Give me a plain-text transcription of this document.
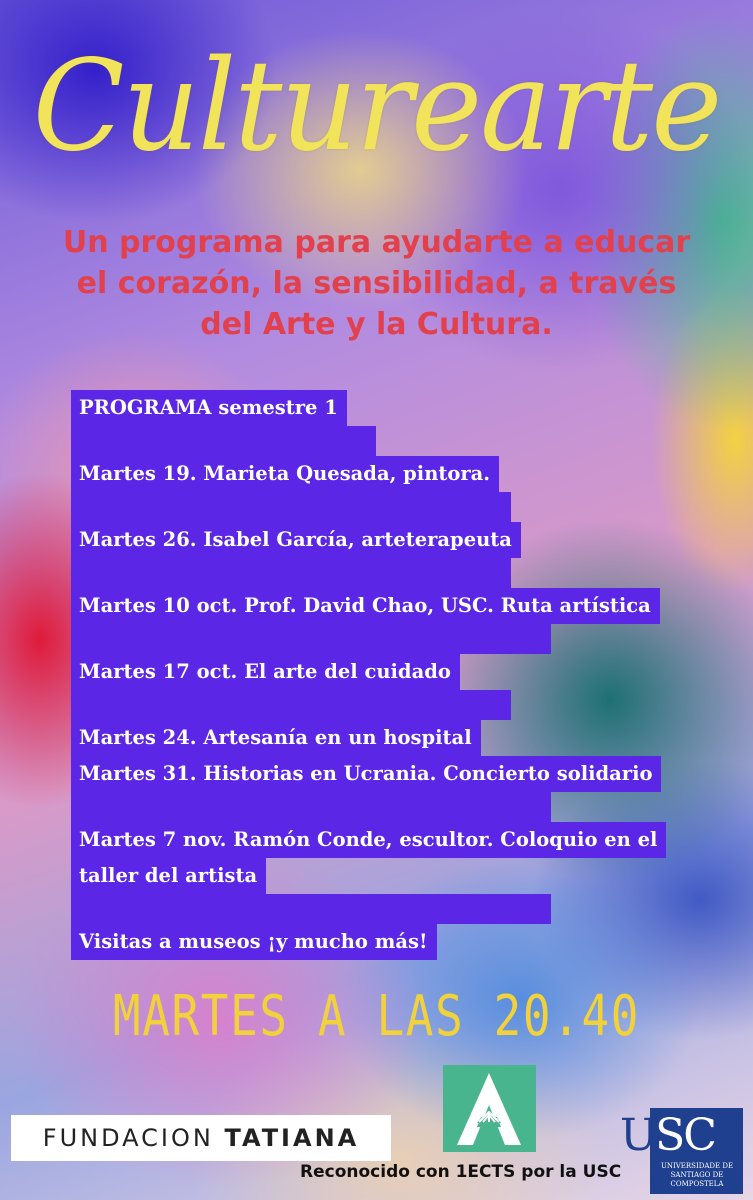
Culturearte

Un programa para ayudarte a educar el corazón, la sensibilidad, a través del Arte y la Cultura.

PROGRAMA semestre 1
Martes 19. Marieta Quesada, pintora.
Martes 26. Isabel García, arteterapeuta
Martes 10 oct. Prof. David Chao, USC. Ruta artística
Martes 17 oct. El arte del cuidado
Martes 24. Artesanía en un hospital
Martes 31. Historias en Ucrania. Concierto solidario
Martes 7 nov. Ramón Conde, escultor. Coloquio en el
taller del artista
Visitas a museos ¡y mucho más!
MARTES A LAS 20.40
FUNDACION TATIANA	USC
UNIVERSIDADE DE SANTIAGO DE COMPOSTELA
Reconocido con 1ECTS por la USC
